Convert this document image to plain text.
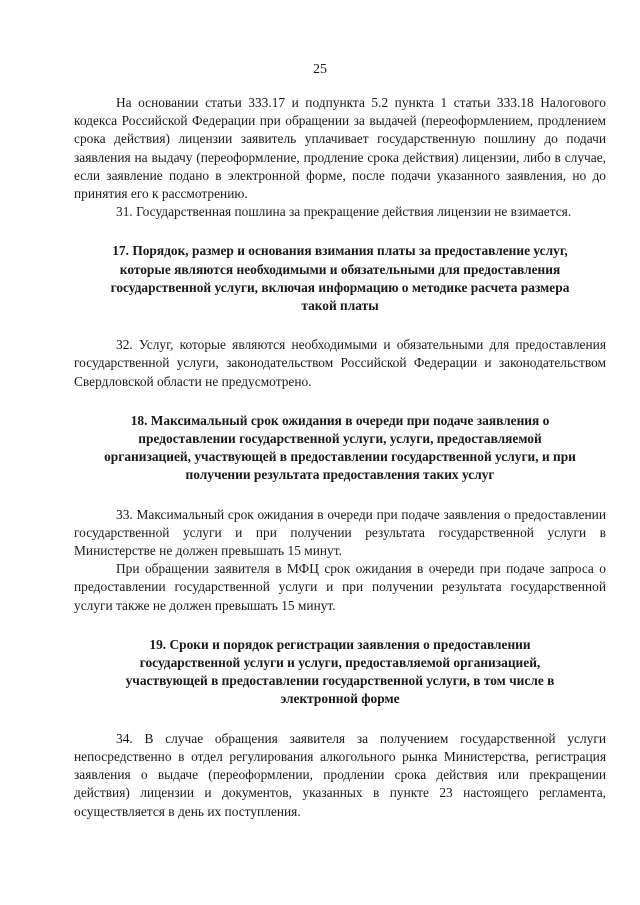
25

На основании статьи 333.17 и подпункта 5.2 пункта 1 статьи 333.18 Налогового кодекса Российской Федерации при обращении за выдачей (переоформлением, продлением срока действия) лицензии заявитель уплачивает государственную пошлину до подачи заявления на выдачу (переоформление, продление срока действия) лицензии, либо в случае, если заявление подано в электронной форме, после подачи указанного заявления, но до принятия его к рассмотрению.

31. Государственная пошлина за прекращение действия лицензии не взимается.

17. Порядок, размер и основания взимания платы за предоставление услуг, которые являются необходимыми и обязательными для предоставления государственной услуги, включая информацию о методике расчета размера такой платы

32. Услуг, которые являются необходимыми и обязательными для предоставления государственной услуги, законодательством Российской Федерации и законодательством Свердловской области не предусмотрено.

18. Максимальный срок ожидания в очереди при подаче заявления о предоставлении государственной услуги, услуги, предоставляемой организацией, участвующей в предоставлении государственной услуги, и при получении результата предоставления таких услуг

33. Максимальный срок ожидания в очереди при подаче заявления о предоставлении государственной услуги и при получении результата государственной услуги в Министерстве не должен превышать 15 минут.

При обращении заявителя в МФЦ срок ожидания в очереди при подаче запроса о предоставлении государственной услуги и при получении результата государственной услуги также не должен превышать 15 минут.

19. Сроки и порядок регистрации заявления о предоставлении государственной услуги и услуги, предоставляемой организацией, участвующей в предоставлении государственной услуги, в том числе в электронной форме

34. В случае обращения заявителя за получением государственной услуги непосредственно в отдел регулирования алкогольного рынка Министерства, регистрация заявления о выдаче (переоформлении, продлении срока действия или прекращении действия) лицензии и документов, указанных в пункте 23 настоящего регламента, осуществляется в день их поступления.
